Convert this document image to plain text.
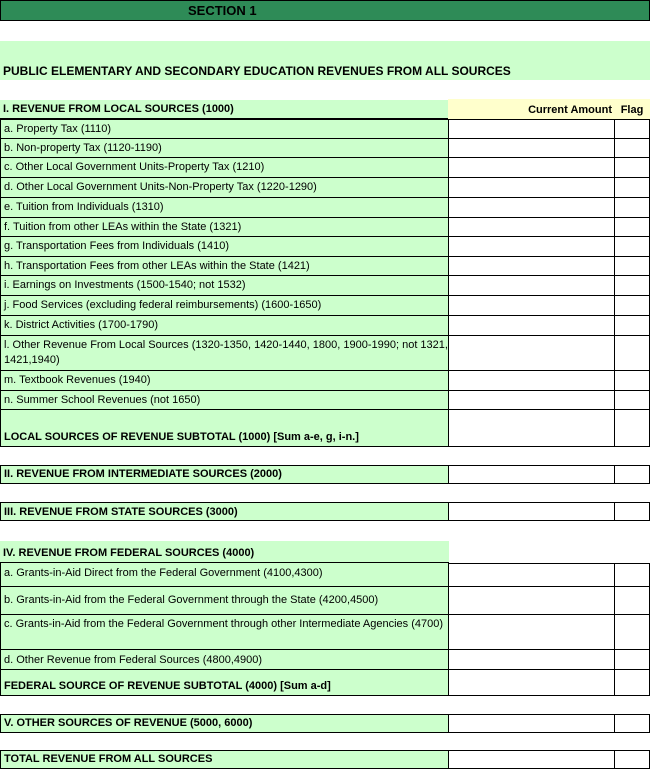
SECTION 1
PUBLIC ELEMENTARY AND SECONDARY EDUCATION REVENUES FROM ALL SOURCES
I. REVENUE FROM LOCAL SOURCES (1000)	Current Amount Flag
a. Property Tax (1110)
b. Non-property Tax (1120-1190)
c. Other Local Government Units-Property Tax (1210)
d. Other Local Government Units-Non-Property Tax (1220-1290)
e. Tuition from Individuals (1310)
f. Tuition from other LEAs within the State (1321)
g. Transportation Fees from Individuals (1410)
h. Transportation Fees from other LEAs within the State (1421)
i. Earnings on Investments (1500-1540; not 1532)
j. Food Services (excluding federal reimbursements) (1600-1650)
k. District Activities (1700-1790)
l. Other Revenue From Local Sources (1320-1350, 1420-1440, 1800, 1900-1990; not 1321, 1421,1940)
m. Textbook Revenues (1940)
n. Summer School Revenues (not 1650)
LOCAL SOURCES OF REVENUE SUBTOTAL (1000) [Sum a-e, g, i-n.]
II. REVENUE FROM INTERMEDIATE SOURCES (2000)
III. REVENUE FROM STATE SOURCES (3000)
IV. REVENUE FROM FEDERAL SOURCES (4000)
a. Grants-in-Aid Direct from the Federal Government (4100,4300)
b. Grants-in-Aid from the Federal Government through the State (4200,4500)
c. Grants-in-Aid from the Federal Government through other Intermediate Agencies (4700)
d. Other Revenue from Federal Sources (4800,4900)
FEDERAL SOURCE OF REVENUE SUBTOTAL (4000) [Sum a-d]
V. OTHER SOURCES OF REVENUE (5000, 6000)
TOTAL REVENUE FROM ALL SOURCES
